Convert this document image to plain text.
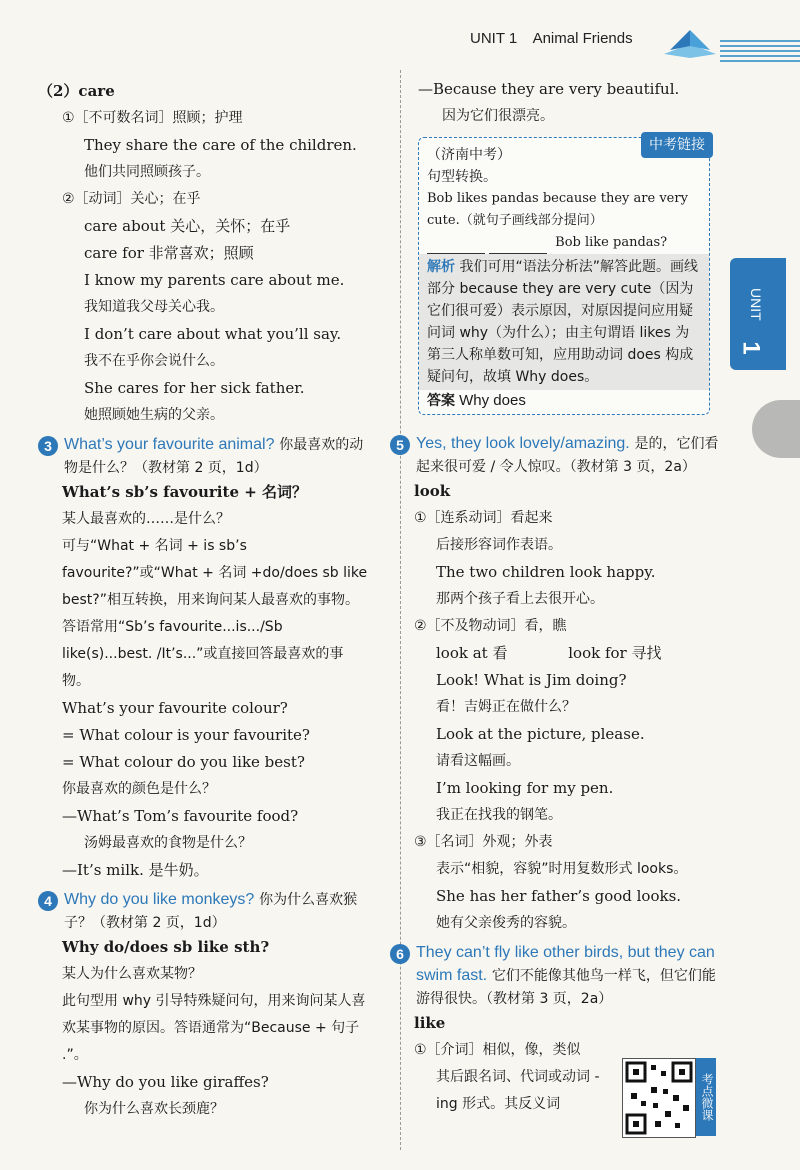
UNIT 1 Animal Friends
UNIT
1

（2）care

①［不可数名词］照顾；护理

They share the care of the children.

他们共同照顾孩子。

②［动词］关心；在乎

care about 关心，关怀；在乎

care for 非常喜欢；照顾

I know my parents care about me.

我知道我父母关心我。

I don’t care about what you’ll say.

我不在乎你会说什么。

She cares for her sick father.

她照顾她生病的父亲。

3 What’s your favourite animal? 你最喜欢的动物是什么？（教材第 2 页，1d）

What’s sb’s favourite + 名词？

某人最喜欢的……是什么？

可与“What + 名词 + is sb’s favourite?”或“What + 名词 +do/does sb like best?”相互转换，用来询问某人最喜欢的事物。答语常用“Sb’s favourite...is.../Sb like(s)...best. /It’s...”或直接回答最喜欢的事物。

What’s your favourite colour?

= What colour is your favourite?

= What colour do you like best?

你最喜欢的颜色是什么？

—What’s Tom’s favourite food?

汤姆最喜欢的食物是什么？

—It’s milk. 是牛奶。

4 Why do you like monkeys? 你为什么喜欢猴子？（教材第 2 页，1d）

Why do/does sb like sth?

某人为什么喜欢某物？

此句型用 why 引导特殊疑问句，用来询问某人喜欢某事物的原因。答语通常为“Because + 句子 .”。

—Why do you like giraffes?

你为什么喜欢长颈鹿？

—Because they are very beautiful.

因为它们很漂亮。

中考链接
（济南中考）
句型转换。
Bob likes pandas because they are very cute.（就句子画线部分提问）
Bob like pandas?
解析 我们可用“语法分析法”解答此题。画线部分 because they are very cute（因为它们很可爱）表示原因，对原因提问应用疑问词 why（为什么）；由主句谓语 likes 为第三人称单数可知，应用助动词 does 构成疑问句，故填 Why does。
答案 Why does
5 Yes, they look lovely/amazing. 是的，它们看起来很可爱 / 令人惊叹。（教材第 3 页，2a）

look

①［连系动词］看起来

后接形容词作表语。

The two children look happy.

那两个孩子看上去很开心。

②［不及物动词］看，瞧

look at 看	look for 寻找

Look! What is Jim doing?

看！吉姆正在做什么？

Look at the picture, please.

请看这幅画。

I’m looking for my pen.

我正在找我的钢笔。

③［名词］外观；外表

表示“相貌，容貌”时用复数形式 looks。

She has her father’s good looks.

她有父亲俊秀的容貌。

6 They can’t fly like other birds, but they can swim fast. 它们不能像其他鸟一样飞，但它们能游得很快。（教材第 3 页，2a）

like

①［介词］相似，像，类似

其后跟名词、代词或动词 -ing 形式。其反义词	考点微课
